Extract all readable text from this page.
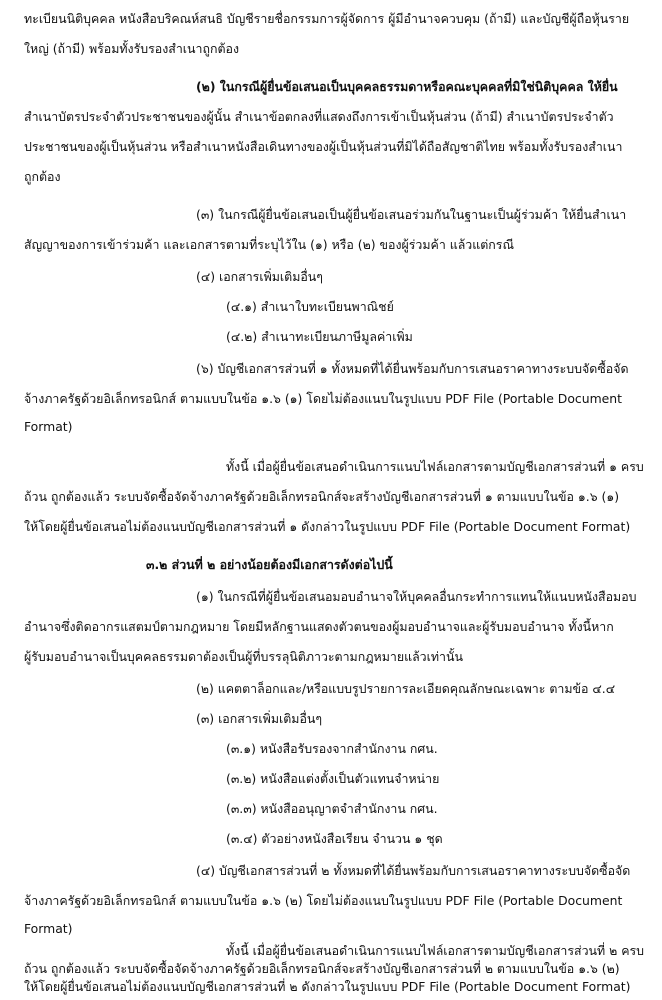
ทะเบียนนิติบุคคล หนังสือบริคณห์สนธิ บัญชีรายชื่อกรรมการผู้จัดการ ผู้มีอำนาจควบคุม (ถ้ามี) และบัญชีผู้ถือหุ้นราย
ใหญ่ (ถ้ามี) พร้อมทั้งรับรองสำเนาถูกต้อง
(๒) ในกรณีผู้ยื่นข้อเสนอเป็นบุคคลธรรมดาหรือคณะบุคคลที่มิใช่นิติบุคคล ให้ยื่น
สำเนาบัตรประจำตัวประชาชนของผู้นั้น สำเนาข้อตกลงที่แสดงถึงการเข้าเป็นหุ้นส่วน (ถ้ามี) สำเนาบัตรประจำตัว
ประชาชนของผู้เป็นหุ้นส่วน หรือสำเนาหนังสือเดินทางของผู้เป็นหุ้นส่วนที่มิได้ถือสัญชาติไทย พร้อมทั้งรับรองสำเนา
ถูกต้อง
(๓) ในกรณีผู้ยื่นข้อเสนอเป็นผู้ยื่นข้อเสนอร่วมกันในฐานะเป็นผู้ร่วมค้า ให้ยื่นสำเนา
สัญญาของการเข้าร่วมค้า และเอกสารตามที่ระบุไว้ใน (๑) หรือ (๒) ของผู้ร่วมค้า แล้วแต่กรณี
(๔) เอกสารเพิ่มเติมอื่นๆ
(๔.๑) สำเนาใบทะเบียนพาณิชย์
(๔.๒) สำเนาทะเบียนภาษีมูลค่าเพิ่ม
(๖) บัญชีเอกสารส่วนที่ ๑ ทั้งหมดที่ได้ยื่นพร้อมกับการเสนอราคาทางระบบจัดซื้อจัด
จ้างภาครัฐด้วยอิเล็กทรอนิกส์ ตามแบบในข้อ ๑.๖ (๑) โดยไม่ต้องแนบในรูปแบบ PDF File (Portable Document
Format)
ทั้งนี้ เมื่อผู้ยื่นข้อเสนอดำเนินการแนบไฟล์เอกสารตามบัญชีเอกสารส่วนที่ ๑ ครบ
ถ้วน ถูกต้องแล้ว ระบบจัดซื้อจัดจ้างภาครัฐด้วยอิเล็กทรอนิกส์จะสร้างบัญชีเอกสารส่วนที่ ๑ ตามแบบในข้อ ๑.๖ (๑)
ให้โดยผู้ยื่นข้อเสนอไม่ต้องแนบบัญชีเอกสารส่วนที่ ๑ ดังกล่าวในรูปแบบ PDF File (Portable Document Format)
๓.๒ ส่วนที่ ๒ อย่างน้อยต้องมีเอกสารดังต่อไปนี้
(๑) ในกรณีที่ผู้ยื่นข้อเสนอมอบอำนาจให้บุคคลอื่นกระทำการแทนให้แนบหนังสือมอบ
อำนาจซึ่งติดอากรแสตมป์ตามกฎหมาย โดยมีหลักฐานแสดงตัวตนของผู้มอบอำนาจและผู้รับมอบอำนาจ ทั้งนี้หาก
ผู้รับมอบอำนาจเป็นบุคคลธรรมดาต้องเป็นผู้ที่บรรลุนิติภาวะตามกฎหมายแล้วเท่านั้น
(๒) แคตตาล็อกและ/หรือแบบรูปรายการละเอียดคุณลักษณะเฉพาะ ตามข้อ ๔.๔
(๓) เอกสารเพิ่มเติมอื่นๆ
(๓.๑) หนังสือรับรองจากสำนักงาน กศน.
(๓.๒) หนังสือแต่งตั้งเป็นตัวแทนจำหน่าย
(๓.๓) หนังสืออนุญาตจำสำนักงาน กศน.
(๓.๔) ตัวอย่างหนังสือเรียน จำนวน ๑ ชุด
(๔) บัญชีเอกสารส่วนที่ ๒ ทั้งหมดที่ได้ยื่นพร้อมกับการเสนอราคาทางระบบจัดซื้อจัด
จ้างภาครัฐด้วยอิเล็กทรอนิกส์ ตามแบบในข้อ ๑.๖ (๒) โดยไม่ต้องแนบในรูปแบบ PDF File (Portable Document
Format)
ทั้งนี้ เมื่อผู้ยื่นข้อเสนอดำเนินการแนบไฟล์เอกสารตามบัญชีเอกสารส่วนที่ ๒ ครบ
ถ้วน ถูกต้องแล้ว ระบบจัดซื้อจัดจ้างภาครัฐด้วยอิเล็กทรอนิกส์จะสร้างบัญชีเอกสารส่วนที่ ๒ ตามแบบในข้อ ๑.๖ (๒)
ให้โดยผู้ยื่นข้อเสนอไม่ต้องแนบบัญชีเอกสารส่วนที่ ๒ ดังกล่าวในรูปแบบ PDF File (Portable Document Format)
